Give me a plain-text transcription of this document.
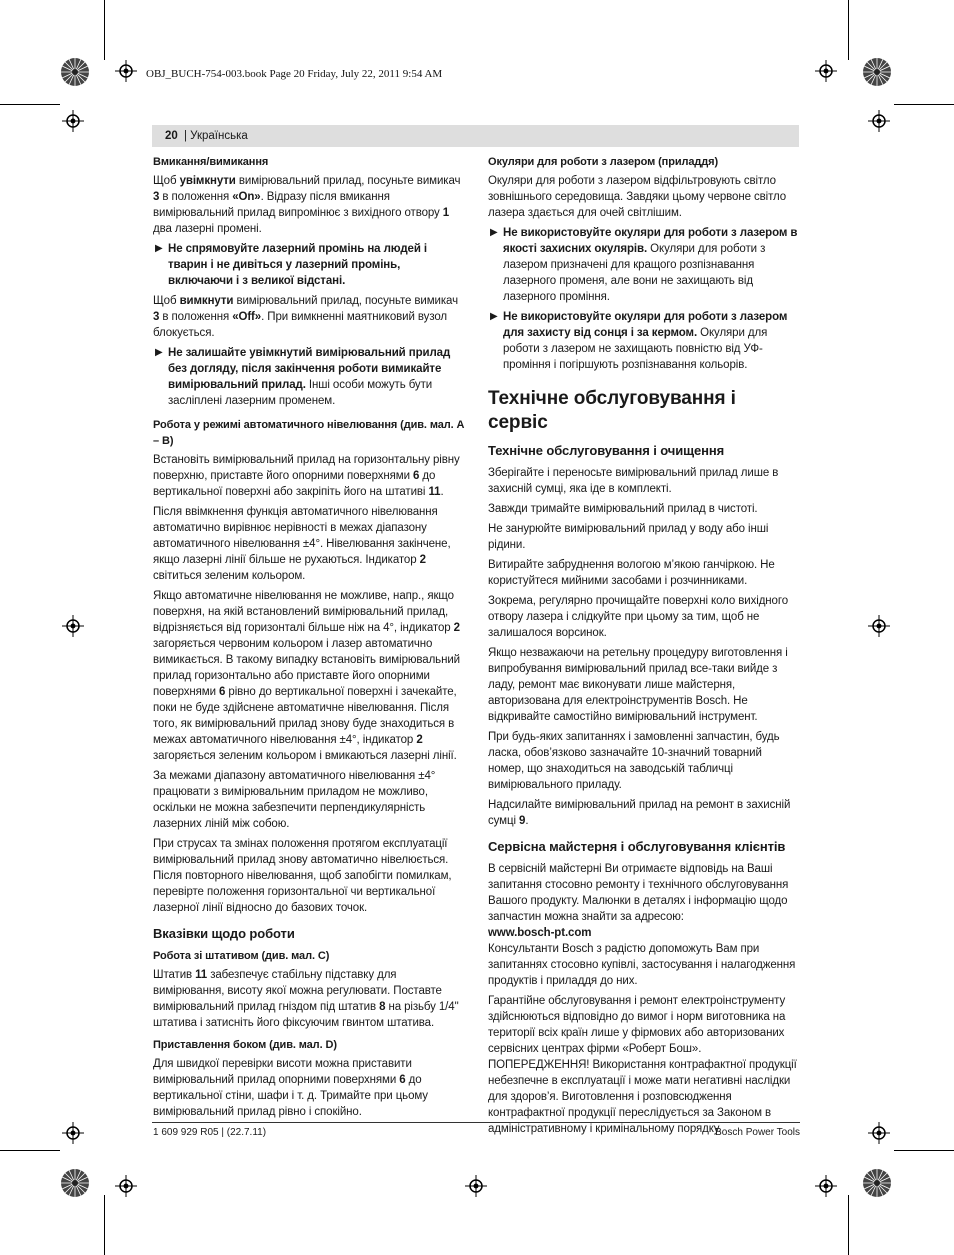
OBJ_BUCH-754-003.book Page 20 Friday, July 22, 2011 9:54 AM
20 | Українська
Вмикання/вимикання

Щоб увімкнути вимірювальний прилад, посуньте вимикач 3 в положення «On». Відразу після вмикання вимірювальний прилад випромінює з вихідного отвору 1 два лазерні промені.

▶ Не спрямовуйте лазерний промінь на людей і тварин і не дивіться у лазерний промінь, включаючи і з великої відстані.

Щоб вимкнути вимірювальний прилад, посуньте вимикач 3 в положення «Off». При вимкненні маятниковий вузол блокується.

▶ Не залишайте увімкнутий вимірювальний прилад без догляду, після закінчення роботи вимикайте вимірювальний прилад. Інші особи можуть бути засліплені лазерним променем.
Робота у режимі автоматичного нівелювання (див. мал. A – B)

Встановіть вимірювальний прилад на горизонтальну рівну поверхню, приставте його опорними поверхнями 6 до вертикальної поверхні або закріпіть його на штативі 11.

Після ввімкнення функція автоматичного нівелювання автоматично вирівнює нерівності в межах діапазону автоматичного нівелювання ±4°. Нівелювання закінчене, якщо лазерні лінії більше не рухаються. Індикатор 2 світиться зеленим кольором.

Якщо автоматичне нівелювання не можливе, напр., якщо поверхня, на якій встановлений вимірювальний прилад, відрізняється від горизонталі більше ніж на 4°, індикатор 2 загоряється червоним кольором і лазер автоматично вимикається. В такому випадку встановіть вимірювальний прилад горизонтально або приставте його опорними поверхнями 6 рівно до вертикальної поверхні і зачекайте, поки не буде здійснене автоматичне нівелювання. Після того, як вимірювальний прилад знову буде знаходиться в межах автоматичного нівелювання ±4°, індикатор 2 загоряється зеленим кольором і вмикаються лазерні лінії.

За межами діапазону автоматичного нівелювання ±4° працювати з вимірювальним приладом не можливо, оскільки не можна забезпечити перпендикулярність лазерних ліній між собою.

При струсах та змінах положення протягом експлуатації вимірювальний прилад знову автоматично нівелюється. Після повторного нівелювання, щоб запобігти помилкам, перевірте положення горизонтальної чи вертикальної лазерної лінії відносно до базових точок.

Вказівки щодо роботи
Робота зі штативом (див. мал. C)

Штатив 11 забезпечує стабільну підставку для вимірювання, висоту якої можна регулювати. Поставте вимірювальний прилад гніздом під штатив 8 на різьбу 1/4" штатива і затисніть його фіксуючим гвинтом штатива.

Приставлення боком (див. мал. D)

Для швидкої перевірки висоти можна приставити вимірювальний прилад опорними поверхнями 6 до вертикальної стіни, шафи і т. д. Тримайте при цьому вимірювальний прилад рівно і спокійно.

Окуляри для роботи з лазером (приладдя)

Окуляри для роботи з лазером відфільтровують світло зовнішнього середовища. Завдяки цьому червоне світло лазера здається для очей світлішим.

▶ Не використовуйте окуляри для роботи з лазером в якості захисних окулярів. Окуляри для роботи з лазером призначені для кращого розпізнавання лазерного променя, але вони не захищають від лазерного проміння.
▶ Не використовуйте окуляри для роботи з лазером для захисту від сонця і за кермом. Окуляри для роботи з лазером не захищають повністю від УФ-проміння і погіршують розпізнавання кольорів.
Технічне обслуговування і сервіс
Технічне обслуговування і очищення

Зберігайте і переносьте вимірювальний прилад лише в захисній сумці, яка іде в комплекті.

Завжди тримайте вимірювальний прилад в чистоті.

Не занурюйте вимірювальний прилад у воду або інші рідини.

Витирайте забруднення вологою м’якою ганчіркою. Не користуйтеся мийними засобами і розчинниками.

Зокрема, регулярно прочищайте поверхні коло вихідного отвору лазера і слідкуйте при цьому за тим, щоб не залишалося ворсинок.

Якщо незважаючи на ретельну процедуру виготовлення і випробування вимірювальний прилад все-таки вийде з ладу, ремонт має виконувати лише майстерня, авторизована для електроінструментів Bosch. Не відкривайте самостійно вимірювальний інструмент.

При будь-яких запитаннях і замовленні запчастин, будь ласка, обов’язково зазначайте 10-значний товарний номер, що знаходиться на заводській табличці вимірювального приладу.

Надсилайте вимірювальний прилад на ремонт в захисній сумці 9.

Сервісна майстерня і обслуговування клієнтів

В сервісній майстерні Ви отримаєте відповідь на Ваші запитання стосовно ремонту і технічного обслуговування Вашого продукту. Малюнки в деталях і інформацію щодо запчастин можна знайти за адресою:

www.bosch-pt.com

Консультанти Bosch з радістю допоможуть Вам при запитаннях стосовно купівлі, застосування і налагодження продуктів і приладдя до них.

Гарантійне обслуговування і ремонт електроінструменту здійснюються відповідно до вимог і норм виготовника на території всіх країн лише у фірмових або авторизованих сервісних центрах фірми «Роберт Бош». ПОПЕРЕДЖЕННЯ! Використання контрафактної продукції небезпечне в експлуатації і може мати негативні наслідки для здоров’я. Виготовлення і розповсюдження контрафактної продукції переслідується за Законом в адміністративному і кримінальному порядку.

1 609 929 R05 | (22.7.11)	Bosch Power Tools
